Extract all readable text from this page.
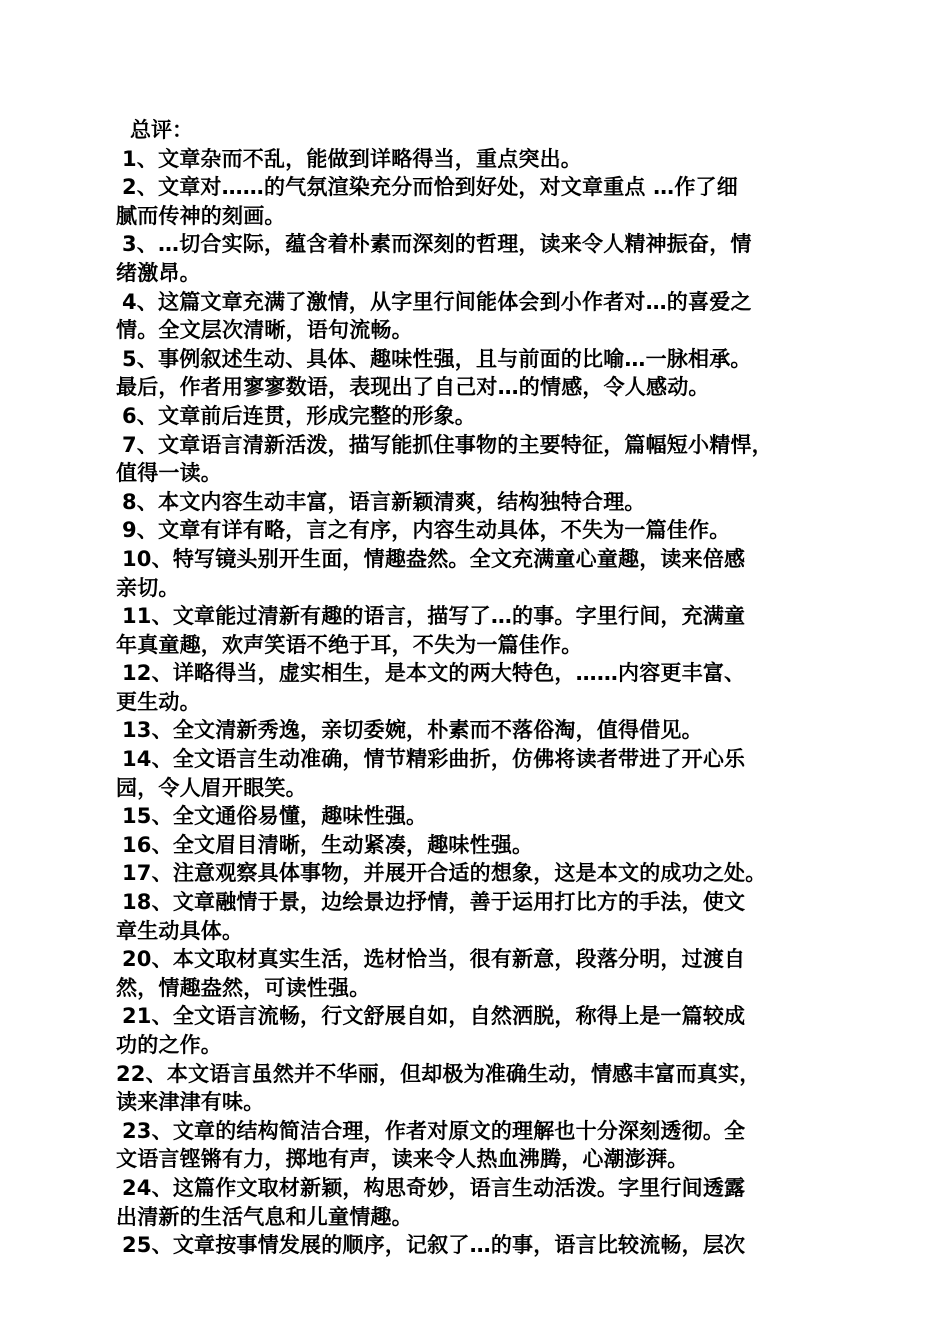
总评：
1、文章杂而不乱，能做到详略得当，重点突出。
2、文章对……的气氛渲染充分而恰到好处，对文章重点 …作了细
腻而传神的刻画。
3、…切合实际，蕴含着朴素而深刻的哲理，读来令人精神振奋，情
绪激昂。
4、这篇文章充满了激情，从字里行间能体会到小作者对…的喜爱之
情。全文层次清晰，语句流畅。
5、事例叙述生动、具体、趣味性强，且与前面的比喻…一脉相承。
最后，作者用寥寥数语，表现出了自己对…的情感，令人感动。
6、文章前后连贯，形成完整的形象。
7、文章语言清新活泼，描写能抓住事物的主要特征，篇幅短小精悍，
值得一读。
8、本文内容生动丰富，语言新颖清爽，结构独特合理。
9、文章有详有略，言之有序，内容生动具体，不失为一篇佳作。
10、特写镜头别开生面，情趣盎然。全文充满童心童趣，读来倍感
亲切。
11、文章能过清新有趣的语言，描写了…的事。字里行间，充满童
年真童趣，欢声笑语不绝于耳，不失为一篇佳作。
12、详略得当，虚实相生，是本文的两大特色，……内容更丰富、
更生动。
13、全文清新秀逸，亲切委婉，朴素而不落俗淘，值得借见。
14、全文语言生动准确，情节精彩曲折，仿佛将读者带进了开心乐
园，令人眉开眼笑。
15、全文通俗易懂，趣味性强。
16、全文眉目清晰，生动紧凑，趣味性强。
17、注意观察具体事物，并展开合适的想象，这是本文的成功之处。
18、文章融情于景，边绘景边抒情，善于运用打比方的手法，使文
章生动具体。
20、本文取材真实生活，选材恰当，很有新意，段落分明，过渡自
然，情趣盎然，可读性强。
21、全文语言流畅，行文舒展自如，自然洒脱，称得上是一篇较成
功的之作。
22、本文语言虽然并不华丽，但却极为准确生动，情感丰富而真实，
读来津津有味。
23、文章的结构简洁合理，作者对原文的理解也十分深刻透彻。全
文语言铿锵有力，掷地有声，读来令人热血沸腾，心潮澎湃。
24、这篇作文取材新颖，构思奇妙，语言生动活泼。字里行间透露
出清新的生活气息和儿童情趣。
25、文章按事情发展的顺序，记叙了…的事，语言比较流畅，层次
